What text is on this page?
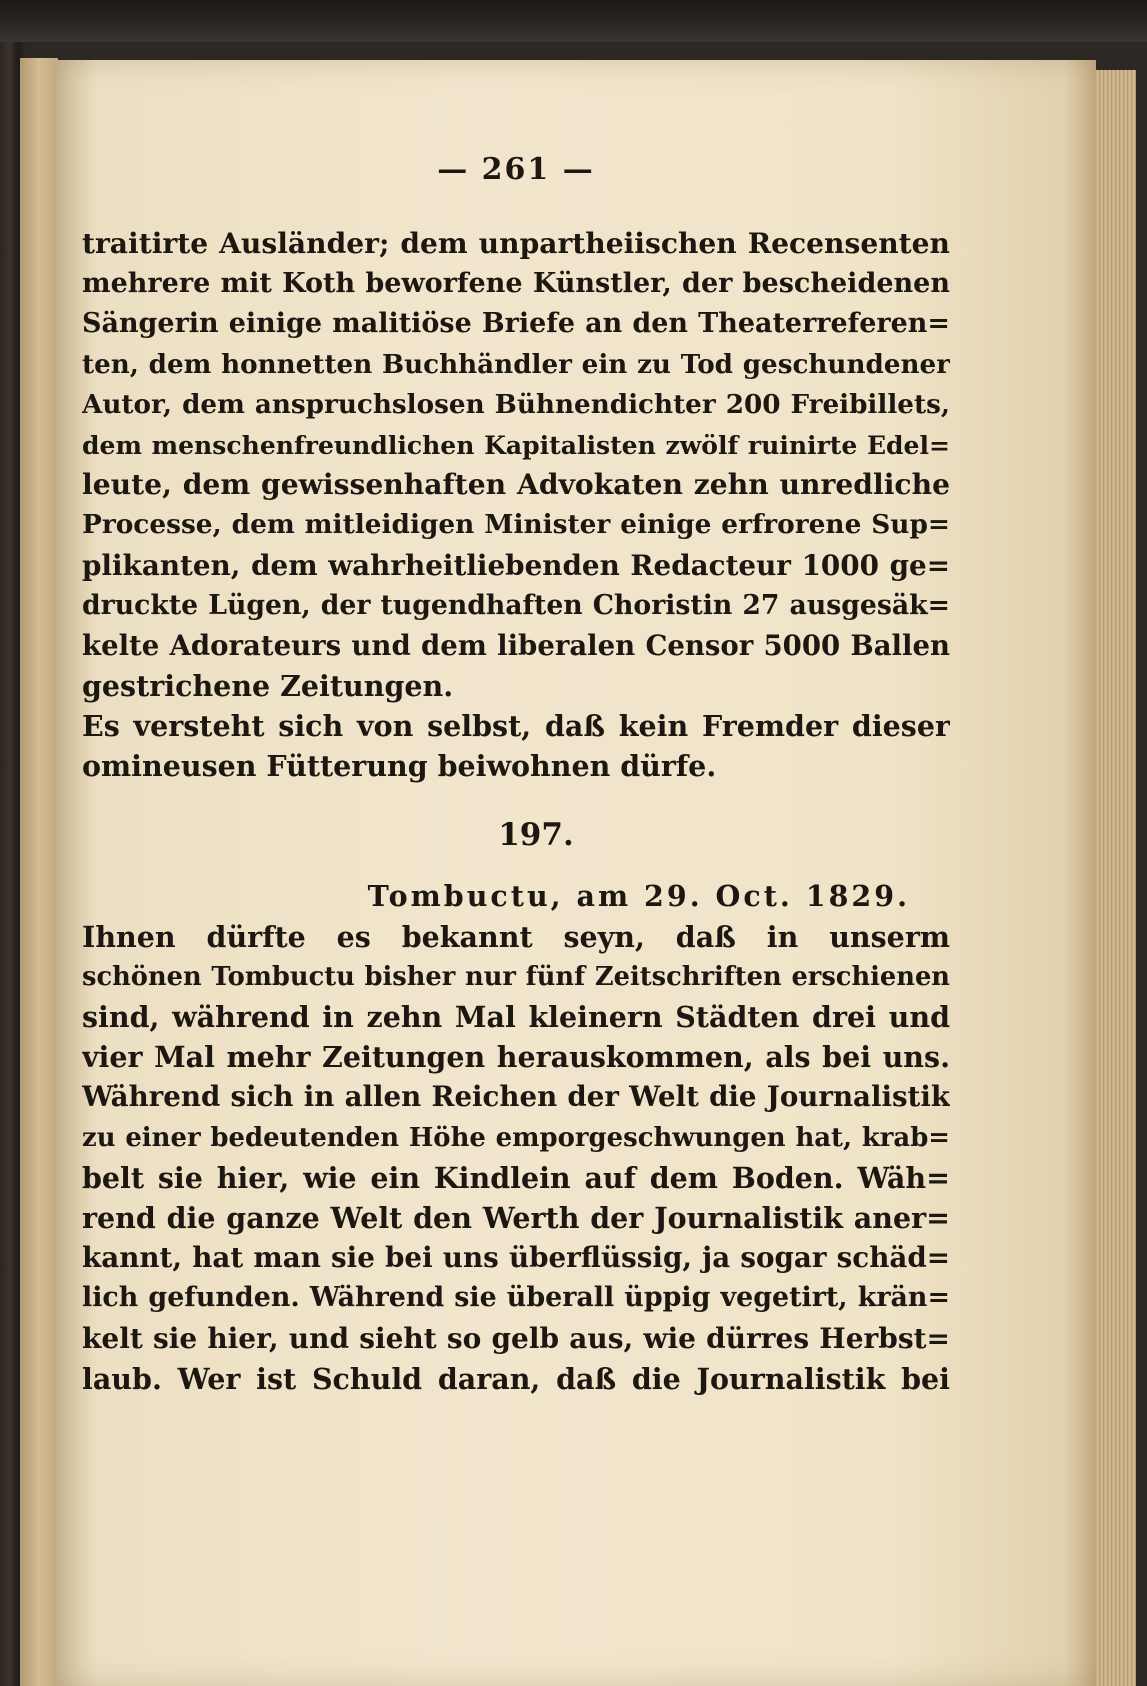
— 261 —
traitirte Ausländer; dem unpartheiischen Recensenten
mehrere mit Koth beworfene Künstler, der bescheidenen
Sängerin einige malitiöse Briefe an den Theaterreferen=
ten, dem honnetten Buchhändler ein zu Tod geschundener
Autor, dem anspruchslosen Bühnendichter 200 Freibillets,
dem menschenfreundlichen Kapitalisten zwölf ruinirte Edel=
leute, dem gewissenhaften Advokaten zehn unredliche
Processe, dem mitleidigen Minister einige erfrorene Sup=
plikanten, dem wahrheitliebenden Redacteur 1000 ge=
druckte Lügen, der tugendhaften Choristin 27 ausgesäk=
kelte Adorateurs und dem liberalen Censor 5000 Ballen
gestrichene Zeitungen.
Es versteht sich von selbst, daß kein Fremder dieser
omineusen Fütterung beiwohnen dürfe.
197.
Tombuctu, am 29. Oct. 1829.
Ihnen dürfte es bekannt seyn, daß in unserm
schönen Tombuctu bisher nur fünf Zeitschriften erschienen
sind, während in zehn Mal kleinern Städten drei und
vier Mal mehr Zeitungen herauskommen, als bei uns.
Während sich in allen Reichen der Welt die Journalistik
zu einer bedeutenden Höhe emporgeschwungen hat, krab=
belt sie hier, wie ein Kindlein auf dem Boden. Wäh=
rend die ganze Welt den Werth der Journalistik aner=
kannt, hat man sie bei uns überflüssig, ja sogar schäd=
lich gefunden. Während sie überall üppig vegetirt, krän=
kelt sie hier, und sieht so gelb aus, wie dürres Herbst=
laub. Wer ist Schuld daran, daß die Journalistik bei
